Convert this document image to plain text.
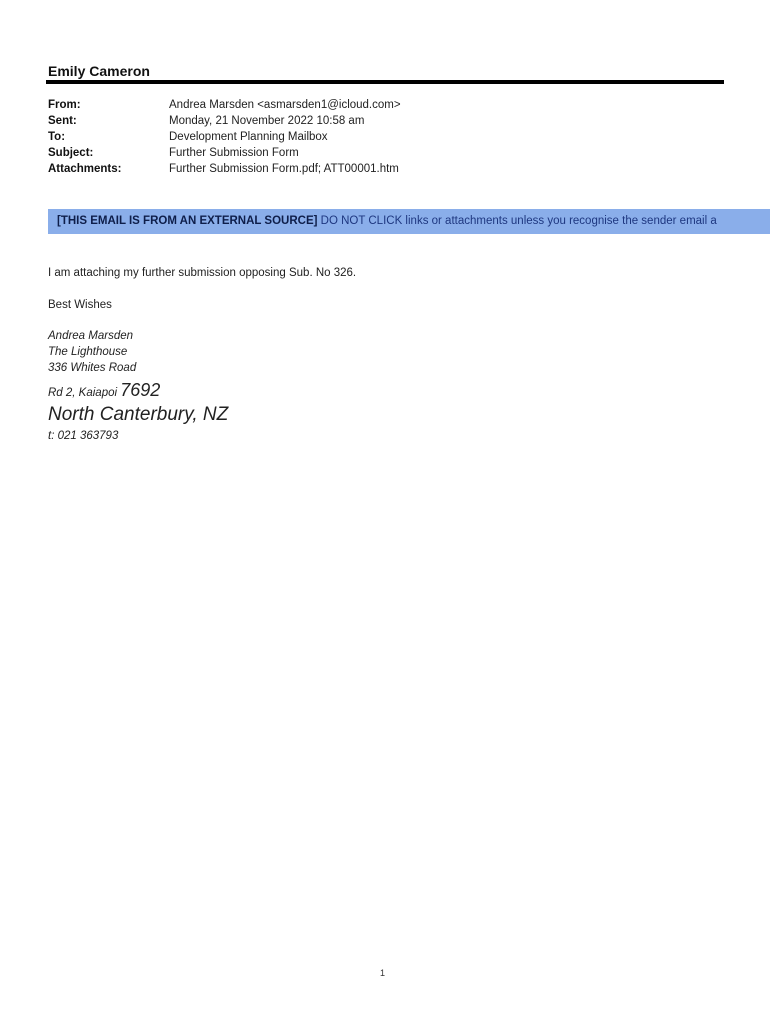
Emily Cameron
From:	Andrea Marsden <asmarsden1@icloud.com>
Sent:	Monday, 21 November 2022 10:58 am
To:	Development Planning Mailbox
Subject:	Further Submission Form
Attachments:	Further Submission Form.pdf; ATT00001.htm
[THIS EMAIL IS FROM AN EXTERNAL SOURCE] DO NOT CLICK links or attachments unless you recognise the sender email a
I am attaching my further submission opposing Sub. No 326.
Best Wishes
Andrea Marsden
The Lighthouse
336 Whites Road
Rd 2, Kaiapoi 7692
North Canterbury, NZ
t: 021 363793
1
